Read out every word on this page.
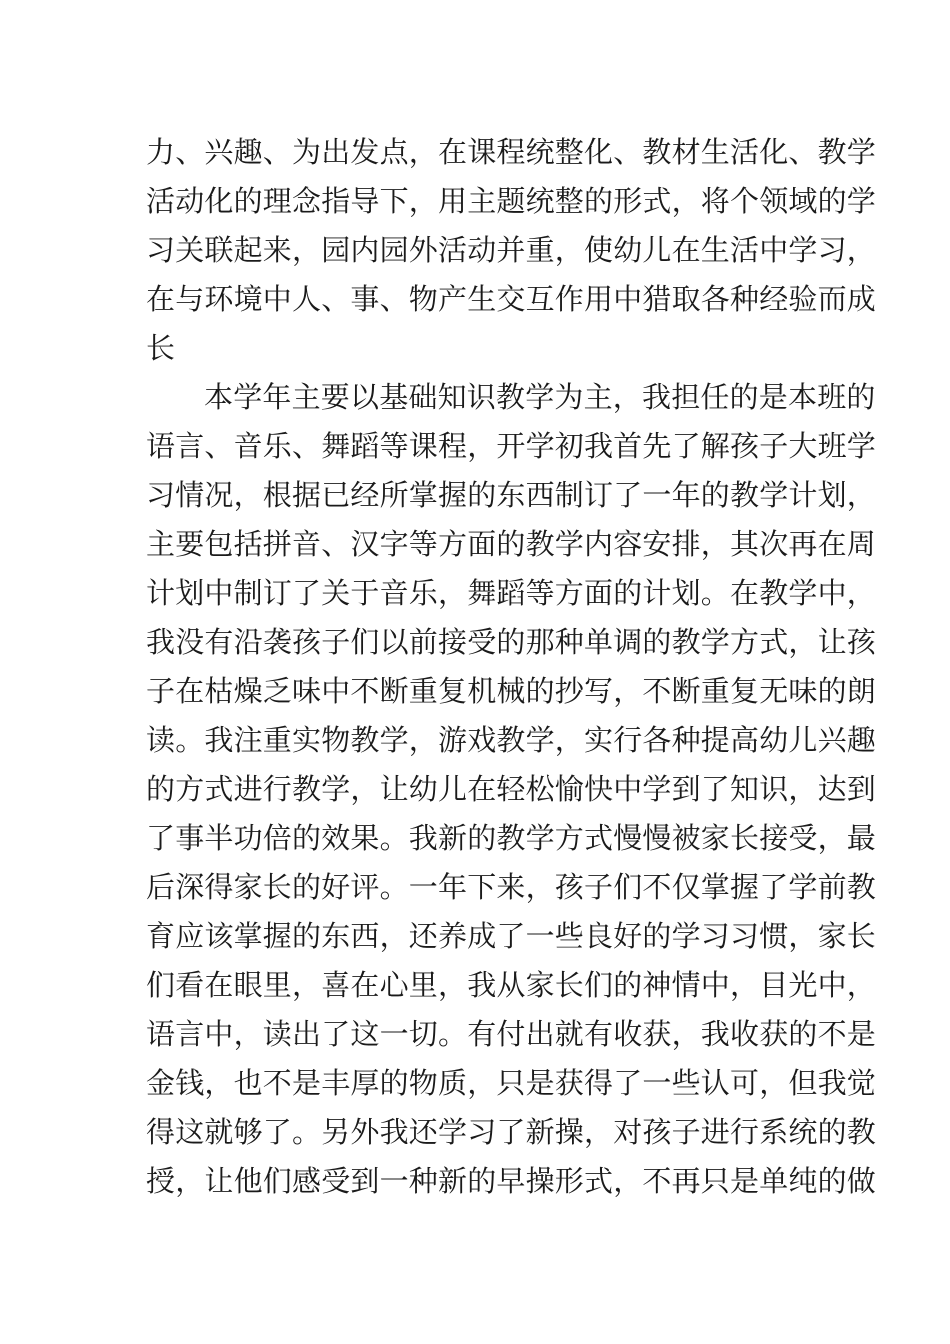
力、兴趣、为出发点，在课程统整化、教材生活化、教学
活动化的理念指导下，用主题统整的形式，将个领域的学
习关联起来，园内园外活动并重，使幼儿在生活中学习，
在与环境中人、事、物产生交互作用中猎取各种经验而成
长
本学年主要以基础知识教学为主，我担任的是本班的
语言、音乐、舞蹈等课程，开学初我首先了解孩子大班学
习情况，根据已经所掌握的东西制订了一年的教学计划，
主要包括拼音、汉字等方面的教学内容安排，其次再在周
计划中制订了关于音乐，舞蹈等方面的计划。在教学中，
我没有沿袭孩子们以前接受的那种单调的教学方式，让孩
子在枯燥乏味中不断重复机械的抄写，不断重复无味的朗
读。我注重实物教学，游戏教学，实行各种提高幼儿兴趣
的方式进行教学，让幼儿在轻松愉快中学到了知识，达到
了事半功倍的效果。我新的教学方式慢慢被家长接受，最
后深得家长的好评。一年下来，孩子们不仅掌握了学前教
育应该掌握的东西，还养成了一些良好的学习习惯，家长
们看在眼里，喜在心里，我从家长们的神情中，目光中，
语言中，读出了这一切。有付出就有收获，我收获的不是
金钱，也不是丰厚的物质，只是获得了一些认可，但我觉
得这就够了。另外我还学习了新操，对孩子进行系统的教
授，让他们感受到一种新的早操形式，不再只是单纯的做
